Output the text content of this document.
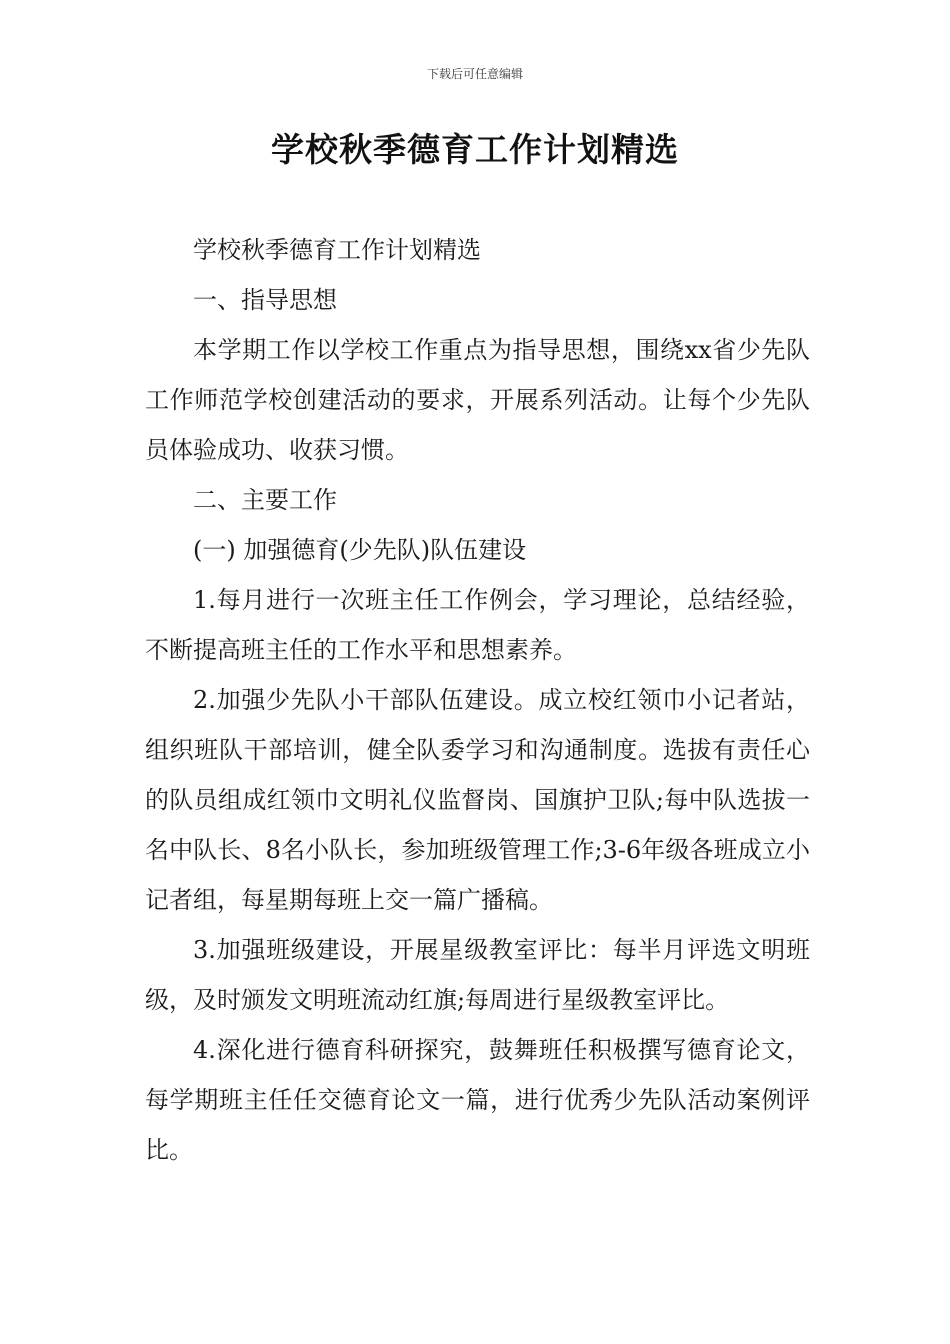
下载后可任意编辑
学校秋季德育工作计划精选

学校秋季德育工作计划精选

一、指导思想

本学期工作以学校工作重点为指导思想，围绕xx省少先队工作师范学校创建活动的要求，开展系列活动。让每个少先队员体验成功、收获习惯。

二、主要工作

(一) 加强德育(少先队)队伍建设

1.每月进行一次班主任工作例会，学习理论，总结经验，不断提高班主任的工作水平和思想素养。

2.加强少先队小干部队伍建设。成立校红领巾小记者站，组织班队干部培训，健全队委学习和沟通制度。选拔有责任心的队员组成红领巾文明礼仪监督岗、国旗护卫队;每中队选拔一名中队长、8名小队长，参加班级管理工作;3-6年级各班成立小记者组，每星期每班上交一篇广播稿。

3.加强班级建设，开展星级教室评比：每半月评选文明班级，及时颁发文明班流动红旗;每周进行星级教室评比。

4.深化进行德育科研探究，鼓舞班任积极撰写德育论文，每学期班主任任交德育论文一篇，进行优秀少先队活动案例评比。
